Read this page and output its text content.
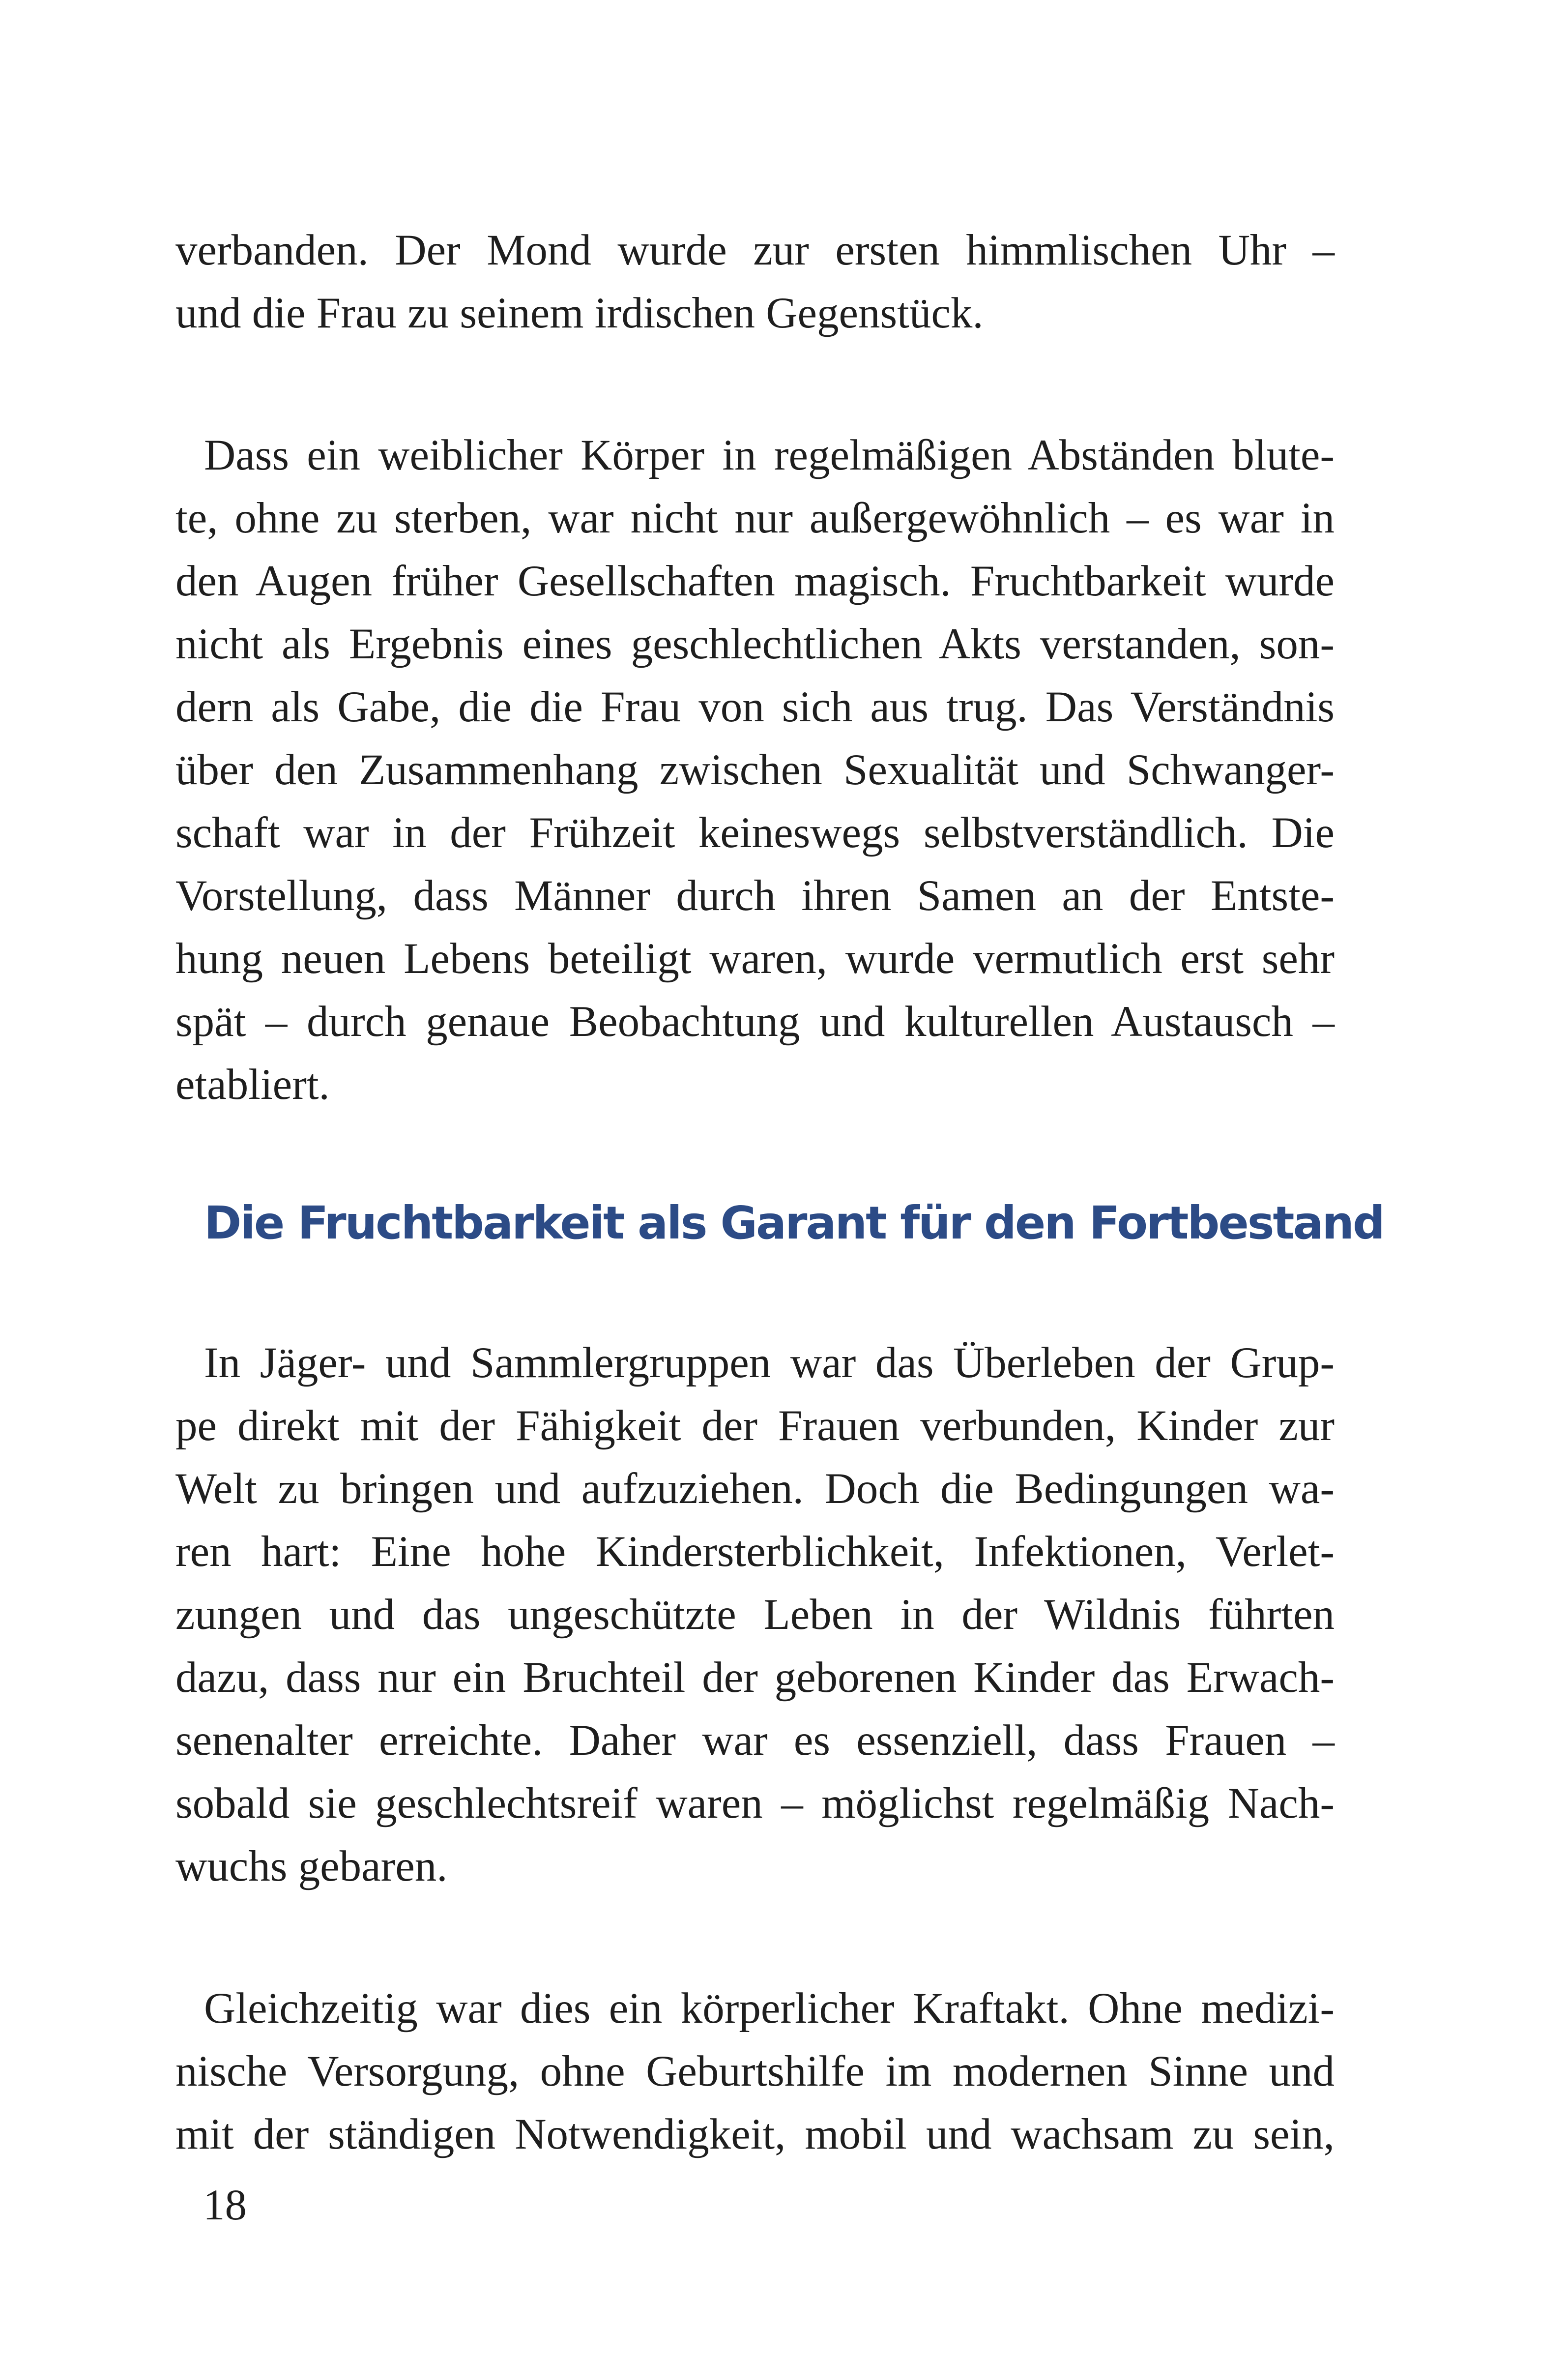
verbanden. Der Mond wurde zur ersten himmlischen Uhr –
und die Frau zu seinem irdischen Gegenstück.
Dass ein weiblicher Körper in regelmäßigen Abständen blute-
te, ohne zu sterben, war nicht nur außergewöhnlich – es war in
den Augen früher Gesellschaften magisch. Fruchtbarkeit wurde
nicht als Ergebnis eines geschlechtlichen Akts verstanden, son-
dern als Gabe, die die Frau von sich aus trug. Das Verständnis
über den Zusammenhang zwischen Sexualität und Schwanger-
schaft war in der Frühzeit keineswegs selbstverständlich. Die
Vorstellung, dass Männer durch ihren Samen an der Entste-
hung neuen Lebens beteiligt waren, wurde vermutlich erst sehr
spät – durch genaue Beobachtung und kulturellen Austausch –
etabliert.
Die Fruchtbarkeit als Garant für den Fortbestand
In Jäger- und Sammlergruppen war das Überleben der Grup-
pe direkt mit der Fähigkeit der Frauen verbunden, Kinder zur
Welt zu bringen und aufzuziehen. Doch die Bedingungen wa-
ren hart: Eine hohe Kindersterblichkeit, Infektionen, Verlet-
zungen und das ungeschützte Leben in der Wildnis führten
dazu, dass nur ein Bruchteil der geborenen Kinder das Erwach-
senenalter erreichte. Daher war es essenziell, dass Frauen –
sobald sie geschlechtsreif waren – möglichst regelmäßig Nach-
wuchs gebaren.
Gleichzeitig war dies ein körperlicher Kraftakt. Ohne medizi-
nische Versorgung, ohne Geburtshilfe im modernen Sinne und
mit der ständigen Notwendigkeit, mobil und wachsam zu sein,
18
